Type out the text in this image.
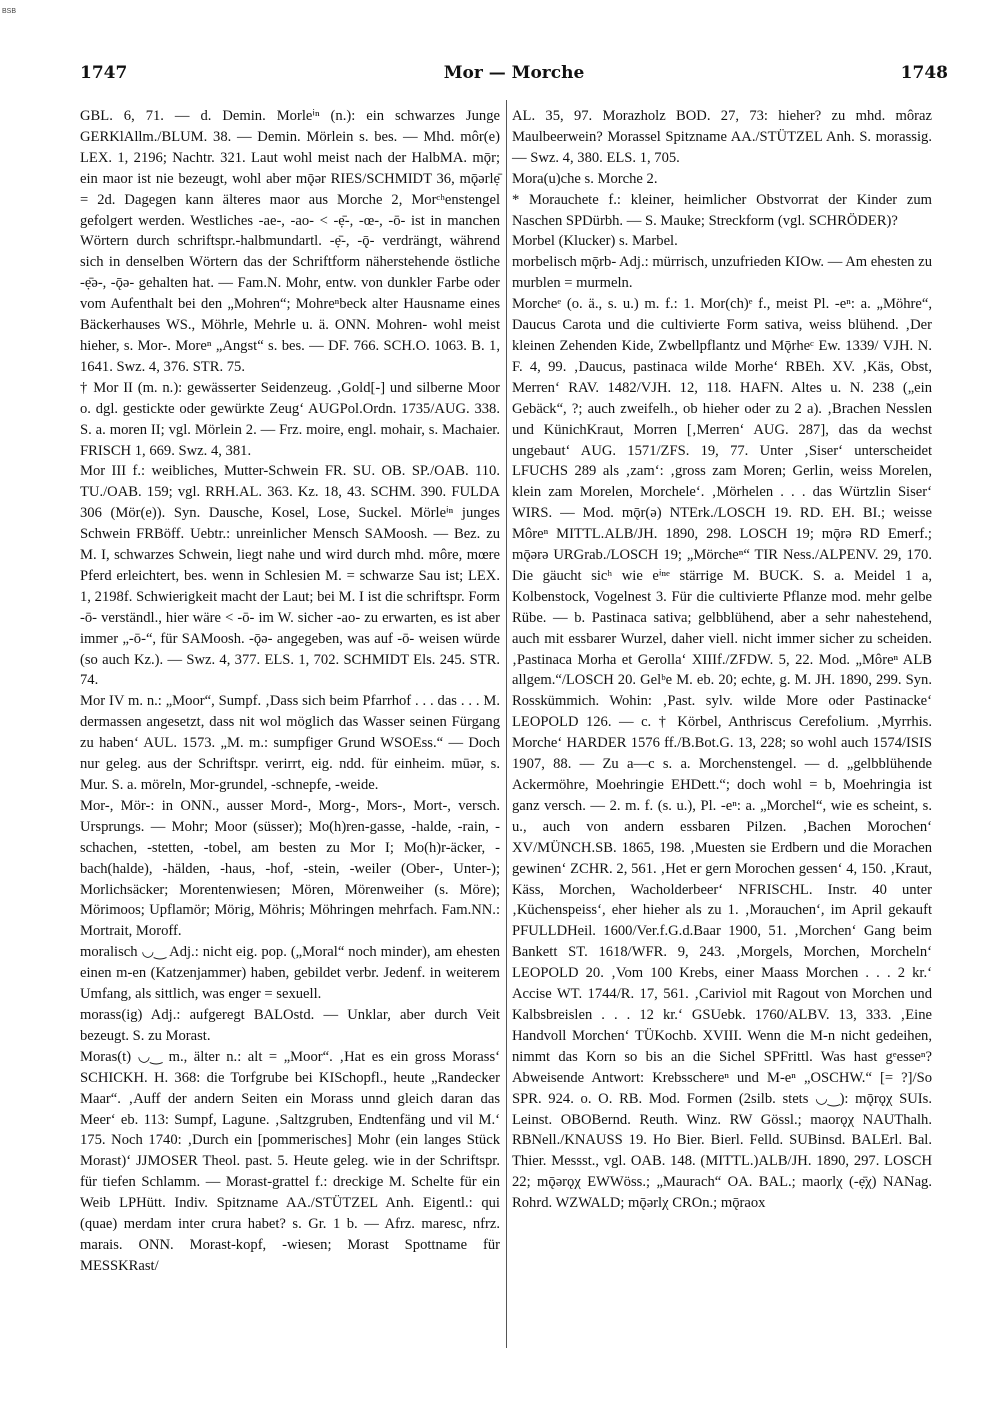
BSB
1747	Mor — Morche	1748

GBL. 6, 71. — d. Demin. Morleⁱⁿ (n.): ein schwarzes Junge GERKlAllm./BLUM. 38. — Demin. Mörlein s. bes. — Mhd. môr(e) LEX. 1, 2196; Nachtr. 321. Laut wohl meist nach der HalbMA. mǭr; ein maor ist nie bezeugt, wohl aber mǭər RIES/SCHMIDT 36, mǭərlẹ̄ = 2d. Dagegen kann älteres maor aus Morche 2, Morᶜʰenstengel gefolgert werden. Westliches -ae-, -ao- < -ẹ̄-, -œ-, -ō- ist in manchen Wörtern durch schriftspr.-halbmundartl. -ẹ̄-, -ǭ- verdrängt, während sich in denselben Wörtern das der Schriftform näherstehende östliche -ẹ̄ə-, -ǭə- gehalten hat. — Fam.N. Mohr, entw. von dunkler Farbe oder vom Aufenthalt bei den „Mohren“; Mohreⁿbeck alter Hausname eines Bäckerhauses WS., Möhrle, Mehrle u. ä. ONN. Mohren- wohl meist hieher, s. Mor-. Moreⁿ „Angst“ s. bes. — DF. 766. SCH.O. 1063. B. 1, 1641. Swz. 4, 376. STR. 75.

† Mor II (m. n.): gewässerter Seidenzeug. ‚Gold[-] und silberne Moor o. dgl. gestickte oder gewürkte Zeug‘ AUGPol.Ordn. 1735/AUG. 338. S. a. moren II; vgl. Mörlein 2. — Frz. moire, engl. mohair, s. Machaier. FRISCH 1, 669. Swz. 4, 381.

Mor III f.: weibliches, Mutter-Schwein FR. SU. OB. SP./OAB. 110. TU./OAB. 159; vgl. RRH.AL. 363. Kz. 18, 43. SCHM. 390. FULDA 306 (Mör(e)). Syn. Dausche, Kosel, Lose, Suckel. Mörleⁱⁿ junges Schwein FRBöff. Uebtr.: unreinlicher Mensch SAMoosh. — Bez. zu M. I, schwarzes Schwein, liegt nahe und wird durch mhd. môre, mœre Pferd erleichtert, bes. wenn in Schlesien M. = schwarze Sau ist; LEX. 1, 2198f. Schwierigkeit macht der Laut; bei M. I ist die schriftspr. Form -ō- verständl., hier wäre < -ō- im W. sicher -ao- zu erwarten, es ist aber immer „-ō-“, für SAMoosh. -ǭə- angegeben, was auf -ō- weisen würde (so auch Kz.). — Swz. 4, 377. ELS. 1, 702. SCHMIDT Els. 245. STR. 74.

Mor IV m. n.: „Moor“, Sumpf. ‚Dass sich beim Pfarrhof . . . das . . . M. dermassen angesetzt, dass nit wol möglich das Wasser seinen Fürgang zu haben‘ AUL. 1573. „M. m.: sumpfiger Grund WSOEss.“ — Doch nur geleg. aus der Schriftspr. verirrt, eig. ndd. für einheim. mūər, s. Mur. S. a. möreln, Mor-grundel, -schnepfe, -weide.

Mor-, Mör-: in ONN., ausser Mord-, Morg-, Mors-, Mort-, versch. Ursprungs. — Mohr; Moor (süsser); Mo(h)ren-gasse, -halde, -rain, -schachen, -stetten, -tobel, am besten zu Mor I; Mo(h)r-äcker, -bach(halde), -hälden, -haus, -hof, -stein, -weiler (Ober-, Unter-); Morlichsäcker; Morentenwiesen; Mören, Mörenweiher (s. Möre); Mörimoos; Upflamör; Mörig, Möhris; Möhringen mehrfach. Fam.NN.: Mortrait, Moroff.

moralisch ◡‿ Adj.: nicht eig. pop. („Moral“ noch minder), am ehesten einen m-en (Katzenjammer) haben, gebildet verbr. Jedenf. in weiterem Umfang, als sittlich, was enger = sexuell.

morass(ig) Adj.: aufgeregt BALOstd. — Unklar, aber durch Veit bezeugt. S. zu Morast.

Moras(t) ◡‿ m., älter n.: alt = „Moor“. ‚Hat es ein gross Morass‘ SCHICKH. H. 368: die Torfgrube bei KISchopfl., heute „Randecker Maar“. ‚Auff der andern Seiten ein Morass unnd gleich daran das Meer‘ eb. 113: Sumpf, Lagune. ‚Saltzgruben, Endtenfäng und vil M.‘ 175. Noch 1740: ‚Durch ein [pommerisches] Mohr (ein langes Stück Morast)‘ JJMOSER Theol. past. 5. Heute geleg. wie in der Schriftspr. für tiefen Schlamm. — Morast-grattel f.: dreckige M. Schelte für ein Weib LPHütt. Indiv. Spitzname AA./STÜTZEL Anh. Eigentl.: qui (quae) merdam inter crura habet? s. Gr. 1 b. — Afrz. maresc, nfrz. marais. ONN. Morast-kopf, -wiesen; Morast Spottname für MESSKRast/

AL. 35, 97. Morazholz BOD. 27, 73: hieher? zu mhd. môraz Maulbeerwein? Morassel Spitzname AA./STÜTZEL Anh. S. morassig. — Swz. 4, 380. ELS. 1, 705.

Mora(u)che s. Morche 2.

* Morauchete f.: kleiner, heimlicher Obstvorrat der Kinder zum Naschen SPDürbh. — S. Mauke; Streckform (vgl. SCHRÖDER)?

Morbel (Klucker) s. Marbel.

morbelisch mǭrb- Adj.: mürrisch, unzufrieden KIOw. — Am ehesten zu murblen = murmeln.

Morcheᵉ (o. ä., s. u.) m. f.: 1. Mor(ch)ᵉ f., meist Pl. -eⁿ: a. „Möhre“, Daucus Carota und die cultivierte Form sativa, weiss blühend. ‚Der kleinen Zehenden Kide, Zwbellpflantz und Mǭrheᶜ Ew. 1339/ VJH. N. F. 4, 99. ‚Daucus, pastinaca wilde Morhe‘ RBEh. XV. ‚Käs, Obst, Merren‘ RAV. 1482/VJH. 12, 118. HAFN. Altes u. N. 238 („ein Gebäck“, ?; auch zweifelh., ob hieher oder zu 2 a). ‚Brachen Nesslen und KünichKraut, Morren [‚Merren‘ AUG. 287], das da wechst ungebaut‘ AUG. 1571/ZFS. 19, 77. Unter ‚Siser‘ unterscheidet LFUCHS 289 als ‚zam‘: ‚gross zam Moren; Gerlin, weiss Morelen, klein zam Morelen, Morchele‘. ‚Mörhelen . . . das Würtzlin Siser‘ WIRS. — Mod. mǭr(ə) NTErk./LOSCH 19. RD. EH. BI.; weisse Môreⁿ MITTL.ALB/JH. 1890, 298. LOSCH 19; mǭrə RD Emerf.; mǭərə URGrab./LOSCH 19; „Mörcheⁿ“ TIR Ness./ALPENV. 29, 170. Die gäucht sicʰ wie eⁱⁿᵉ stärrige M. BUCK. S. a. Meidel 1 a, Kolbenstock, Vogelnest 3. Für die cultivierte Pflanze mod. mehr gelbe Rübe. — b. Pastinaca sativa; gelbblühend, aber a sehr nahestehend, auch mit essbarer Wurzel, daher viell. nicht immer sicher zu scheiden. ‚Pastinaca Morha et Gerolla‘ XIIIf./ZFDW. 5, 22. Mod. „Môreⁿ ALB allgem.“/LOSCH 20. Gelᵇe M. eb. 20; echte, g. M. JH. 1890, 299. Syn. Rosskümmich. Wohin: ‚Past. sylv. wilde More oder Pastinacke‘ LEOPOLD 126. — c. † Körbel, Anthriscus Cerefolium. ‚Myrrhis. Morche‘ HARDER 1576 ff./B.Bot.G. 13, 228; so wohl auch 1574/ISIS 1907, 88. — Zu a—c s. a. Morchenstengel. — d. „gelbblühende Ackermöhre, Moehringie EHDett.“; doch wohl = b, Moehringia ist ganz versch. — 2. m. f. (s. u.), Pl. -eⁿ: a. „Morchel“, wie es scheint, s. u., auch von andern essbaren Pilzen. ‚Bachen Morochen‘ XV/MÜNCH.SB. 1865, 198. ‚Muesten sie Erdbern und die Morachen gewinen‘ ZCHR. 2, 561. ‚Het er gern Morochen gessen‘ 4, 150. ‚Kraut, Käss, Morchen, Wacholderbeer‘ NFRISCHL. Instr. 40 unter ‚Küchenspeiss‘, eher hieher als zu 1. ‚Morauchen‘, im April gekauft PFULLDHeil. 1600/Ver.f.G.d.Baar 1900, 51. ‚Morchen‘ Gang beim Bankett ST. 1618/WFR. 9, 243. ‚Morgels, Morchen, Morcheln‘ LEOPOLD 20. ‚Vom 100 Krebs, einer Maass Morchen . . . 2 kr.‘ Accise WT. 1744/R. 17, 561. ‚Cariviol mit Ragout von Morchen und Kalbsbreislen . . . 12 kr.‘ GSUebk. 1760/ALBV. 13, 333. ‚Eine Handvoll Morchen‘ TÜKochb. XVIII. Wenn die M-n nicht gedeihen, nimmt das Korn so bis an die Sichel SPFrittl. Was hast gᵉesseⁿ? Abweisende Antwort: Krebsschereⁿ und M-eⁿ „OSCHW.“ [= ?]/So SPR. 924. o. O. RB. Mod. Formen (2silb. stets ◡‿): mǭrǫχ SUIs. Leinst. OBOBernd. Reuth. Winz. RW Gössl.; maorǫχ NAUThalh. RBNell./KNAUSS 19. Ho Bier. Bierl. Felld. SUBinsd. BALErl. Bal. Thier. Messst., vgl. OAB. 148. (MITTL.)ALB/JH. 1890, 297. LOSCH 22; mǭərǫχ EWWöss.; „Maurach“ OA. BAL.; maorlχ (-ẹ̄χ) NANag. Rohrd. WZWALD; mǭərlχ CROn.; mǭraox
